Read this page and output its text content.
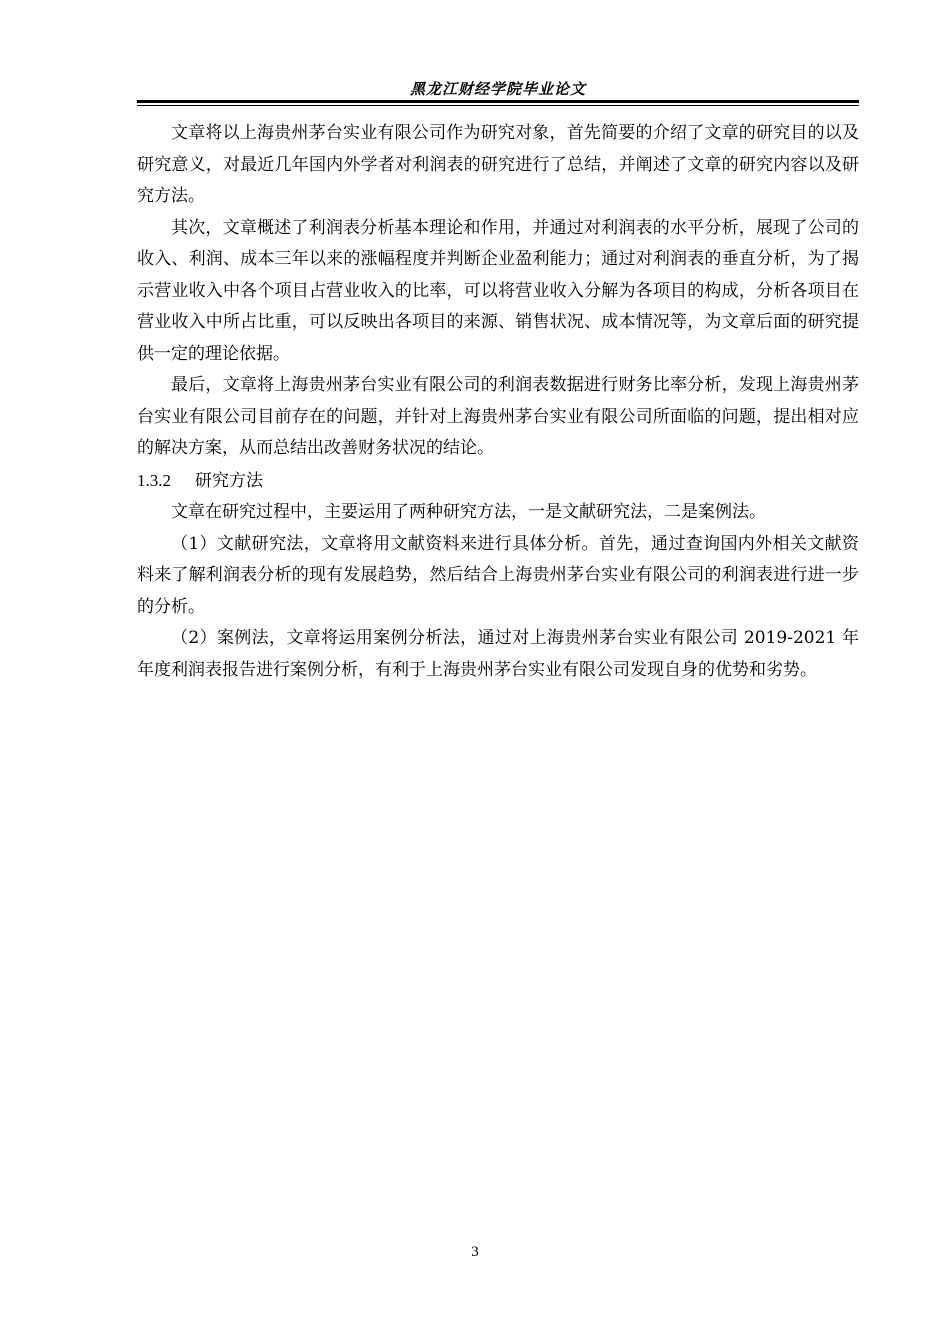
黑龙江财经学院毕业论文

文章将以上海贵州茅台实业有限公司作为研究对象，首先简要的介绍了文章的研究目的以及研究意义，对最近几年国内外学者对利润表的研究进行了总结，并阐述了文章的研究内容以及研究方法。

其次，文章概述了利润表分析基本理论和作用，并通过对利润表的水平分析，展现了公司的收入、利润、成本三年以来的涨幅程度并判断企业盈利能力；通过对利润表的垂直分析，为了揭示营业收入中各个项目占营业收入的比率，可以将营业收入分解为各项目的构成，分析各项目在营业收入中所占比重，可以反映出各项目的来源、销售状况、成本情况等，为文章后面的研究提供一定的理论依据。

最后，文章将上海贵州茅台实业有限公司的利润表数据进行财务比率分析，发现上海贵州茅台实业有限公司目前存在的问题，并针对上海贵州茅台实业有限公司所面临的问题，提出相对应的解决方案，从而总结出改善财务状况的结论。

1.3.2 研究方法

文章在研究过程中，主要运用了两种研究方法，一是文献研究法，二是案例法。

（1）文献研究法，文章将用文献资料来进行具体分析。首先，通过查询国内外相关文献资料来了解利润表分析的现有发展趋势，然后结合上海贵州茅台实业有限公司的利润表进行进一步的分析。

（2）案例法，文章将运用案例分析法，通过对上海贵州茅台实业有限公司 2019-2021 年年度利润表报告进行案例分析，有利于上海贵州茅台实业有限公司发现自身的优势和劣势。

3
